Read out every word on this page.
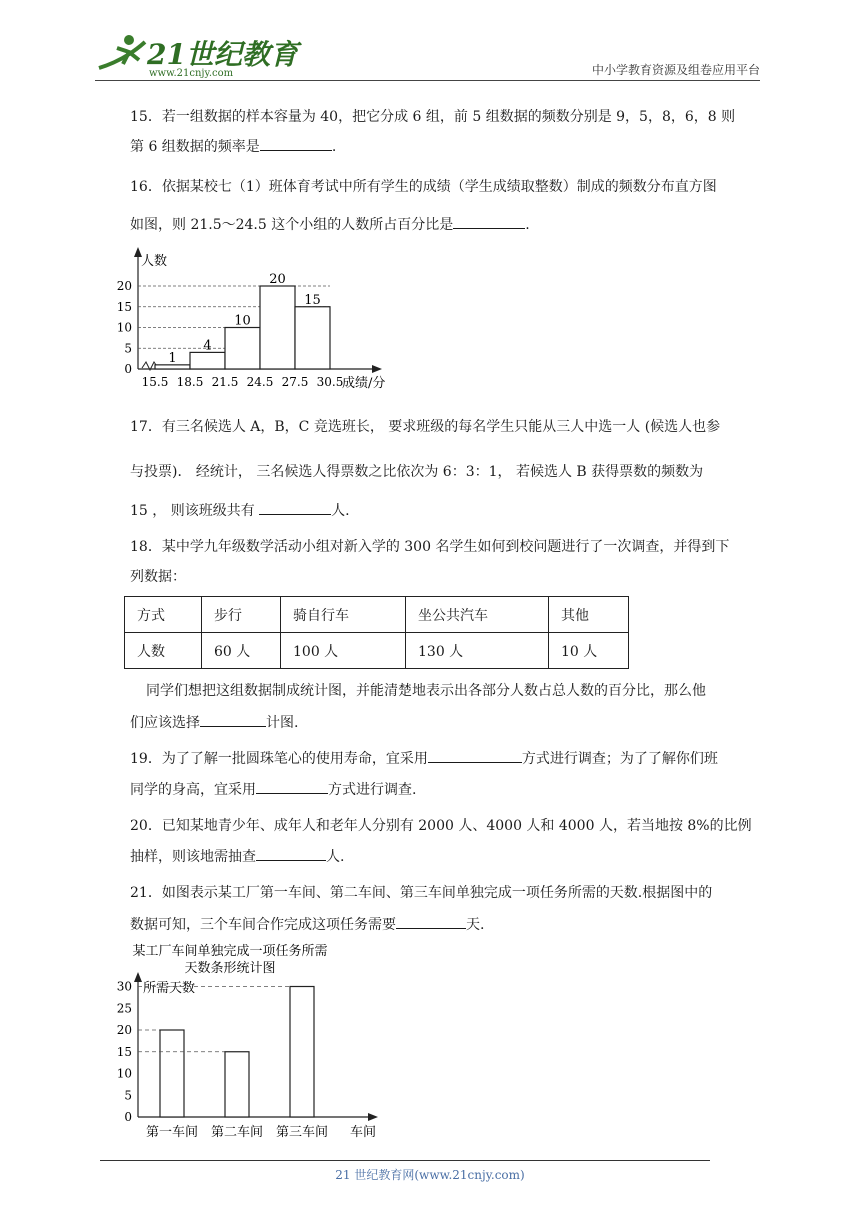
21世纪教育
www.21cnjy.com	中小学教育资源及组卷应用平台
15．若一组数据的样本容量为 40，把它分成 6 组，前 5 组数据的频数分别是 9，5，8，6，8 则
第 6 组数据的频率是	.
16．依据某校七（1）班体育考试中所有学生的成绩（学生成绩取整数）制成的频数分布直方图
如图，则 21.5～24.5 这个小组的人数所占百分比是	.
人数
成绩/分
0
5
10
15
20
1
4
10
20
15
15.5 18.5 21.5 24.5 27.5 30.5
17．有三名候选人 A，B，C 竞选班长， 要求班级的每名学生只能从三人中选一人 (候选人也参
与投票)． 经统计， 三名候选人得票数之比依次为 6：3：1， 若候选人 B 获得票数的频数为
15 ， 则该班级共有	人.
18．某中学九年级数学活动小组对新入学的 300 名学生如何到校问题进行了一次调查，并得到下
列数据：
方式	步行	骑自行车	坐公共汽车	其他
人数	60 人	100 人	130 人	10 人
同学们想把这组数据制成统计图，并能清楚地表示出各部分人数占总人数的百分比，那么他
们应该选择	计图.
19．为了了解一批圆珠笔心的使用寿命，宜采用	方式进行调查；为了了解你们班
同学的身高，宜采用	方式进行调查.
20．已知某地青少年、成年人和老年人分别有 2000 人、4000 人和 4000 人，若当地按 8%的比例
抽样，则该地需抽查	人.
21．如图表示某工厂第一车间、第二车间、第三车间单独完成一项任务所需的天数.根据图中的
数据可知，三个车间合作完成这项任务需要	天.
某工厂车间单独完成一项任务所需
天数条形统计图
所需天数
车间
0
5
10
15
20
25
30
第一车间 第二车间 第三车间
21 世纪教育网(www.21cnjy.com)
